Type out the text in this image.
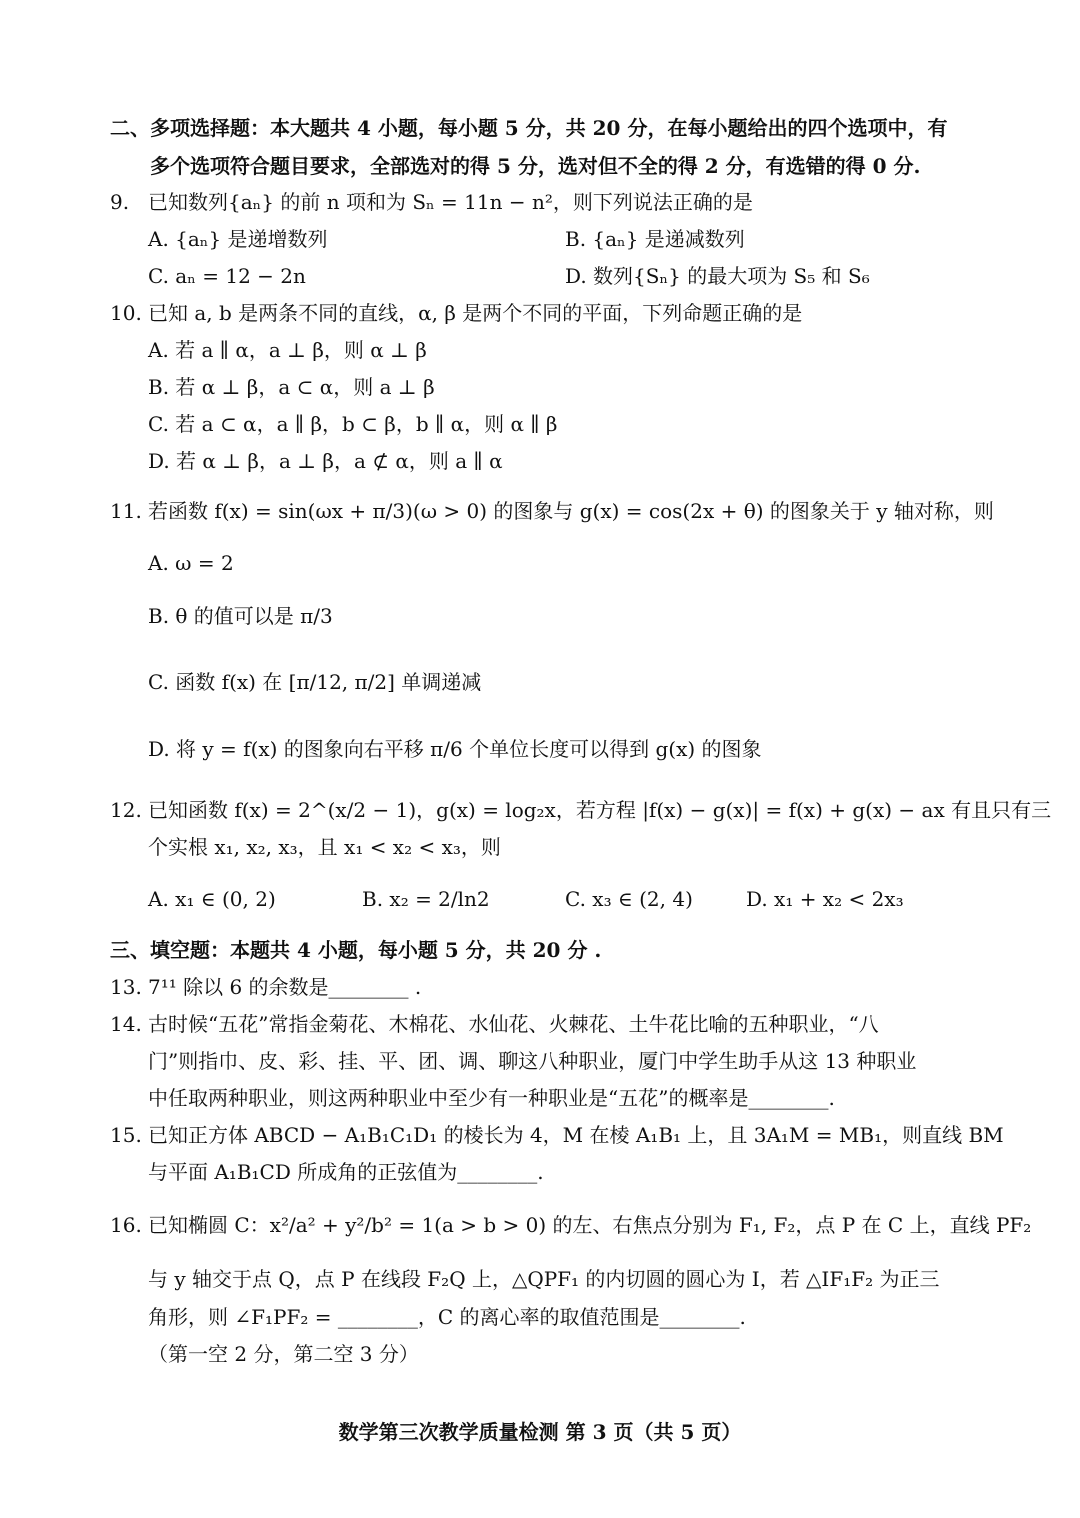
二、多项选择题：本大题共 4 小题，每小题 5 分，共 20 分，在每小题给出的四个选项中，有
多个选项符合题目要求，全部选对的得 5 分，选对但不全的得 2 分，有选错的得 0 分.
9. 已知数列{aₙ} 的前 n 项和为 Sₙ = 11n − n²，则下列说法正确的是
A. {aₙ} 是递增数列	B. {aₙ} 是递减数列
C. aₙ = 12 − 2n	D. 数列{Sₙ} 的最大项为 S₅ 和 S₆
10. 已知 a, b 是两条不同的直线，α, β 是两个不同的平面，下列命题正确的是
A. 若 a ∥ α，a ⊥ β，则 α ⊥ β
B. 若 α ⊥ β，a ⊂ α，则 a ⊥ β
C. 若 a ⊂ α，a ∥ β，b ⊂ β，b ∥ α，则 α ∥ β
D. 若 α ⊥ β，a ⊥ β，a ⊄ α，则 a ∥ α
11. 若函数 f(x) = sin(ωx + π/3)(ω > 0) 的图象与 g(x) = cos(2x + θ) 的图象关于 y 轴对称，则
A. ω = 2
B. θ 的值可以是 π/3
C. 函数 f(x) 在 [π/12, π/2] 单调递减
D. 将 y = f(x) 的图象向右平移 π/6 个单位长度可以得到 g(x) 的图象
12. 已知函数 f(x) = 2^(x/2 − 1)，g(x) = log₂x，若方程 |f(x) − g(x)| = f(x) + g(x) − ax 有且只有三
个实根 x₁, x₂, x₃，且 x₁ < x₂ < x₃，则
A. x₁ ∈ (0, 2)	B. x₂ = 2/ln2	C. x₃ ∈ (2, 4)	D. x₁ + x₂ < 2x₃
三、填空题：本题共 4 小题，每小题 5 分，共 20 分 .
13. 7¹¹ 除以 6 的余数是________ .
14. 古时候“五花”常指金菊花、木棉花、水仙花、火棘花、土牛花比喻的五种职业，“八
门”则指巾、皮、彩、挂、平、团、调、聊这八种职业，厦门中学生助手从这 13 种职业
中任取两种职业，则这两种职业中至少有一种职业是“五花”的概率是________.
15. 已知正方体 ABCD − A₁B₁C₁D₁ 的棱长为 4，M 在棱 A₁B₁ 上，且 3A₁M = MB₁，则直线 BM
与平面 A₁B₁CD 所成角的正弦值为________.
16. 已知椭圆 C：x²/a² + y²/b² = 1(a > b > 0) 的左、右焦点分别为 F₁, F₂，点 P 在 C 上，直线 PF₂
与 y 轴交于点 Q，点 P 在线段 F₂Q 上，△QPF₁ 的内切圆的圆心为 I，若 △IF₁F₂ 为正三
角形，则 ∠F₁PF₂ = ________，C 的离心率的取值范围是________.
（第一空 2 分，第二空 3 分）
数学第三次教学质量检测 第 3 页（共 5 页）
